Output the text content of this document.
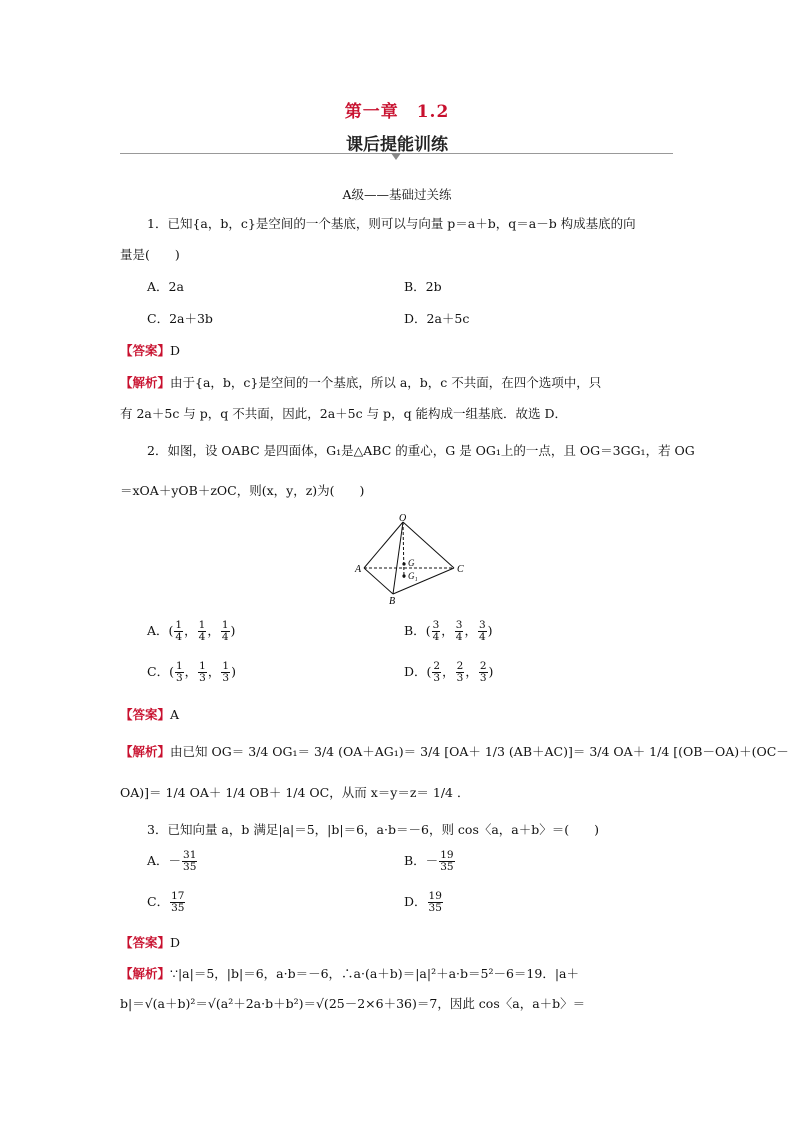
第一章　1.2
课后提能训练
A级——基础过关练
1．已知{a，b，c}是空间的一个基底，则可以与向量 p＝a＋b，q＝a－b 构成基底的向
量是(　　)
A．2a	B．2b
C．2a＋3b	D．2a＋5c
【答案】D
【解析】由于{a，b，c}是空间的一个基底，所以 a，b，c 不共面，在四个选项中，只
有 2a＋5c 与 p，q 不共面，因此，2a＋5c 与 p，q 能构成一组基底．故选 D．
2．如图，设 OABC 是四面体，G₁是△ABC 的重心，G 是 OG₁上的一点，且 OG＝3GG₁，若 OG
＝xOA＋yOB＋zOC，则(x，y，z)为(　　)
O
A
B
C
G
G₁
A．( $\frac{1}{4}$ ， $\frac{1}{4}$ ， $\frac{1}{4}$ )	B．( $\frac{3}{4}$ ， $\frac{3}{4}$ ， $\frac{3}{4}$ )
C．( $\frac{1}{3}$ ， $\frac{1}{3}$ ， $\frac{1}{3}$ )	D．( $\frac{2}{3}$ ， $\frac{2}{3}$ ， $\frac{2}{3}$ )
【答案】A
【解析】由已知 OG＝ 3/4 OG₁＝ 3/4 (OA＋AG₁)＝ 3/4 [OA＋ 1/3 (AB＋AC)]＝ 3/4 OA＋ 1/4 [(OB－OA)＋(OC－
OA)]＝ 1/4 OA＋ 1/4 OB＋ 1/4 OC，从而 x＝y＝z＝ 1/4 ．
3．已知向量 a，b 满足|a|＝5，|b|＝6，a·b＝－6，则 cos〈a，a＋b〉＝(　　)
A．－ $\frac{31}{35}$	B．－ $\frac{19}{35}$
C． $\frac{17}{35}$	D． $\frac{19}{35}$
【答案】D
【解析】∵|a|＝5，|b|＝6，a·b＝－6，∴a·(a＋b)＝|a|²＋a·b＝5²－6＝19．|a＋
b|＝√(a＋b)²＝√(a²＋2a·b＋b²)＝√(25－2×6＋36)＝7，因此 cos〈a，a＋b〉＝
